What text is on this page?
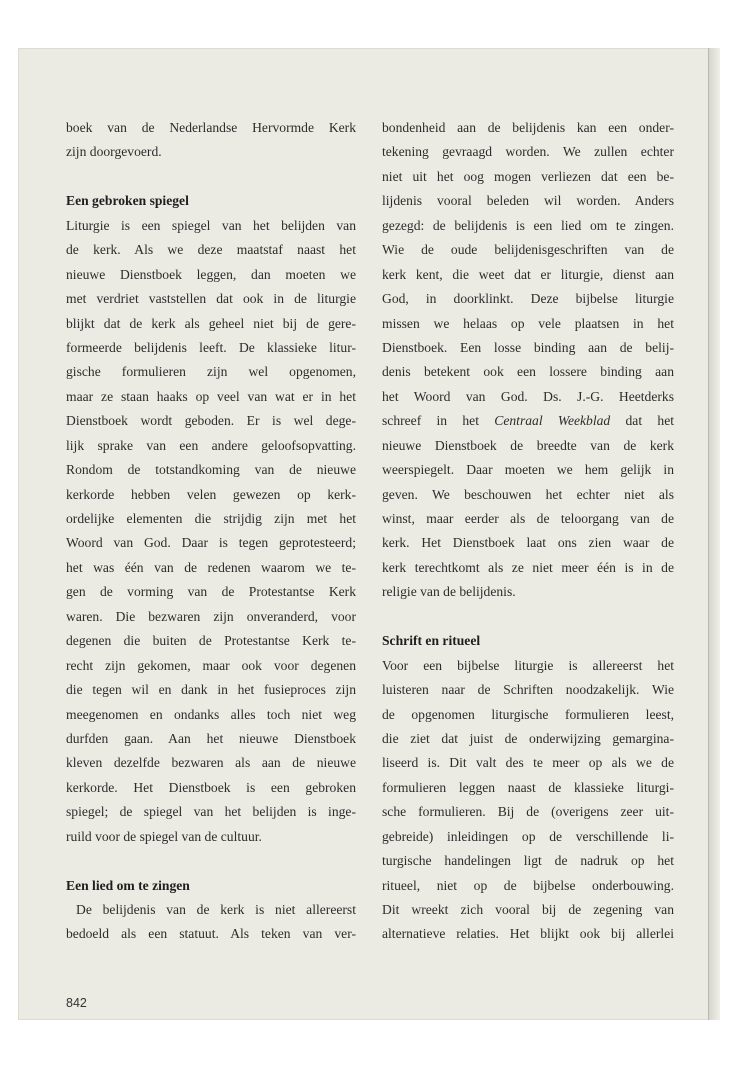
boek van de Nederlandse Hervormde Kerk

zijn doorgevoerd.

Een gebroken spiegel

Liturgie is een spiegel van het belijden van

de kerk. Als we deze maatstaf naast het

nieuwe Dienstboek leggen, dan moeten we

met verdriet vaststellen dat ook in de liturgie

blijkt dat de kerk als geheel niet bij de gere-

formeerde belijdenis leeft. De klassieke litur-

gische formulieren zijn wel opgenomen,

maar ze staan haaks op veel van wat er in het

Dienstboek wordt geboden. Er is wel dege-

lijk sprake van een andere geloofsopvatting.

Rondom de totstandkoming van de nieuwe

kerkorde hebben velen gewezen op kerk-

ordelijke elementen die strijdig zijn met het

Woord van God. Daar is tegen geprotesteerd;

het was één van de redenen waarom we te-

gen de vorming van de Protestantse Kerk

waren. Die bezwaren zijn onveranderd, voor

degenen die buiten de Protestantse Kerk te-

recht zijn gekomen, maar ook voor degenen

die tegen wil en dank in het fusieproces zijn

meegenomen en ondanks alles toch niet weg

durfden gaan. Aan het nieuwe Dienstboek

kleven dezelfde bezwaren als aan de nieuwe

kerkorde. Het Dienstboek is een gebroken

spiegel; de spiegel van het belijden is inge-

ruild voor de spiegel van de cultuur.

Een lied om te zingen

De belijdenis van de kerk is niet allereerst

bedoeld als een statuut. Als teken van ver-

bondenheid aan de belijdenis kan een onder-

tekening gevraagd worden. We zullen echter

niet uit het oog mogen verliezen dat een be-

lijdenis vooral beleden wil worden. Anders

gezegd: de belijdenis is een lied om te zingen.

Wie de oude belijdenisgeschriften van de

kerk kent, die weet dat er liturgie, dienst aan

God, in doorklinkt. Deze bijbelse liturgie

missen we helaas op vele plaatsen in het

Dienstboek. Een losse binding aan de belij-

denis betekent ook een lossere binding aan

het Woord van God. Ds. J.-G. Heetderks

schreef in het Centraal Weekblad dat het

nieuwe Dienstboek de breedte van de kerk

weerspiegelt. Daar moeten we hem gelijk in

geven. We beschouwen het echter niet als

winst, maar eerder als de teloorgang van de

kerk. Het Dienstboek laat ons zien waar de

kerk terechtkomt als ze niet meer één is in de

religie van de belijdenis.

Schrift en ritueel

Voor een bijbelse liturgie is allereerst het

luisteren naar de Schriften noodzakelijk. Wie

de opgenomen liturgische formulieren leest,

die ziet dat juist de onderwijzing gemargina-

liseerd is. Dit valt des te meer op als we de

formulieren leggen naast de klassieke liturgi-

sche formulieren. Bij de (overigens zeer uit-

gebreide) inleidingen op de verschillende li-

turgische handelingen ligt de nadruk op het

ritueel, niet op de bijbelse onderbouwing.

Dit wreekt zich vooral bij de zegening van

alternatieve relaties. Het blijkt ook bij allerlei

842
